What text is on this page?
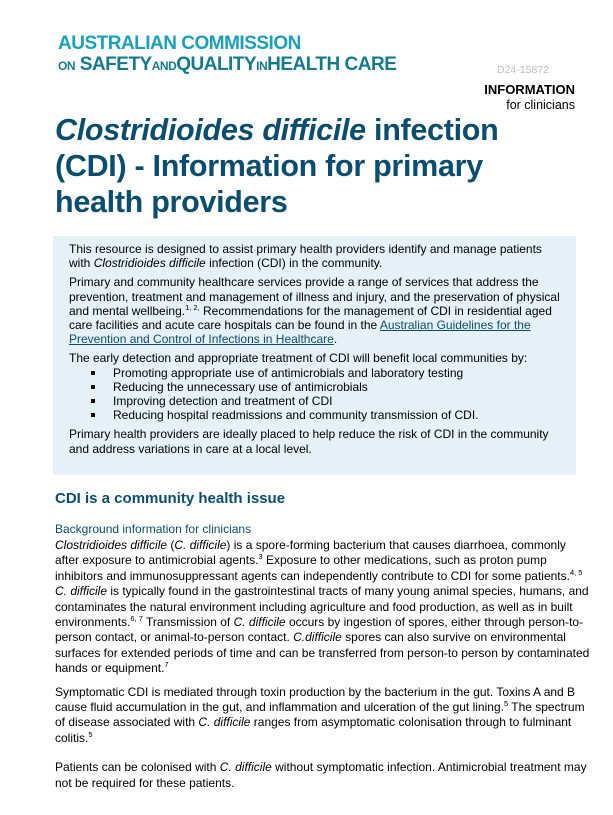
AUSTRALIAN COMMISSION
ON SAFETYANDQUALITYINHEALTH CARE	D24-15872
INFORMATION
for clinicians
Clostridioides difficile infection
(CDI) - Information for primary
health providers

This resource is designed to assist primary health providers identify and manage patients with Clostridioides difficile infection (CDI) in the community.

Primary and community healthcare services provide a range of services that address the prevention, treatment and management of illness and injury, and the preservation of physical and mental wellbeing.$^{1, 2,}$ Recommendations for the management of CDI in residential aged care facilities and acute care hospitals can be found in the Australian Guidelines for the Prevention and Control of Infections in Healthcare.

The early detection and appropriate treatment of CDI will benefit local communities by:

Promoting appropriate use of antimicrobials and laboratory testing
Reducing the unnecessary use of antimicrobials
Improving detection and treatment of CDI
Reducing hospital readmissions and community transmission of CDI.

Primary health providers are ideally placed to help reduce the risk of CDI in the community and address variations in care at a local level.

CDI is a community health issue
Background information for clinicians

Clostridioides difficile (C. difficile) is a spore-forming bacterium that causes diarrhoea, commonly after exposure to antimicrobial agents.$^3$ Exposure to other medications, such as proton pump inhibitors and immunosuppressant agents can independently contribute to CDI for some patients.$^{4, 5}$ C. difficile is typically found in the gastrointestinal tracts of many young animal species, humans, and contaminates the natural environment including agriculture and food production, as well as in built environments.$^{6, 7}$ Transmission of C. difficile occurs by ingestion of spores, either through person-to-person contact, or animal-to-person contact. C.difficile spores can also survive on environmental surfaces for extended periods of time and can be transferred from person-to person by contaminated hands or equipment.$^7$

Symptomatic CDI is mediated through toxin production by the bacterium in the gut. Toxins A and B cause fluid accumulation in the gut, and inflammation and ulceration of the gut lining.$^5$ The spectrum of disease associated with C. difficile ranges from asymptomatic colonisation through to fulminant colitis.$^5$

Patients can be colonised with C. difficile without symptomatic infection. Antimicrobial treatment may not be required for these patients.
